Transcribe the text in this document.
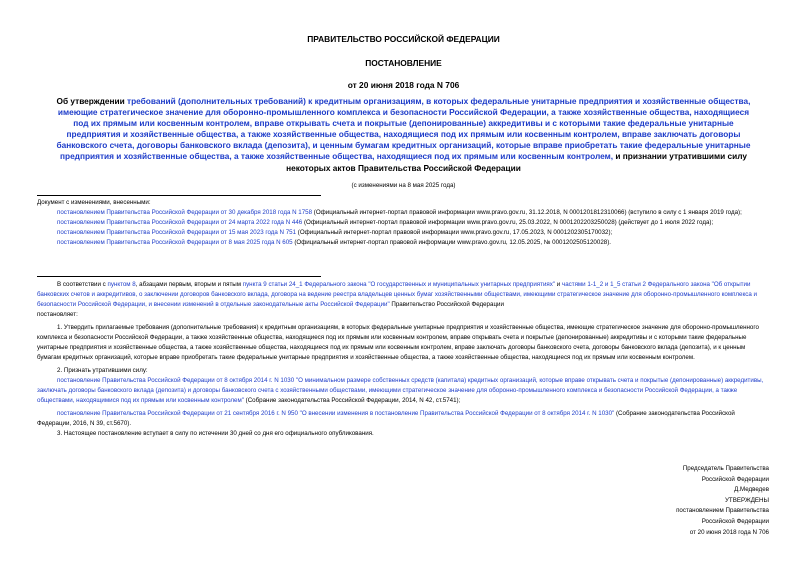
ПРАВИТЕЛЬСТВО РОССИЙСКОЙ ФЕДЕРАЦИИ
ПОСТАНОВЛЕНИЕ
от 20 июня 2018 года N 706
Об утверждении требований (дополнительных требований) к кредитным организациям, в которых федеральные унитарные предприятия и хозяйственные общества, имеющие стратегическое значение для оборонно-промышленного комплекса и безопасности Российской Федерации, а также хозяйственные общества, находящиеся под их прямым или косвенным контролем, вправе открывать счета и покрытые (депонированные) аккредитивы и с которыми такие федеральные унитарные предприятия и хозяйственные общества, а также хозяйственные общества, находящиеся под их прямым или косвенным контролем, вправе заключать договоры банковского счета, договоры банковского вклада (депозита), и ценным бумагам кредитных организаций, которые вправе приобретать такие федеральные унитарные предприятия и хозяйственные общества, а также хозяйственные общества, находящиеся под их прямым или косвенным контролем, и признании утратившими силу некоторых актов Правительства Российской Федерации
(с изменениями на 8 мая 2025 года)
Документ с изменениями, внесенными:
постановлением Правительства Российской Федерации от 30 декабря 2018 года N 1758 (Официальный интернет-портал правовой информации www.pravo.gov.ru, 31.12.2018, N 0001201812310066) (вступило в силу с 1 января 2019 года);
постановлением Правительства Российской Федерации от 24 марта 2022 года N 446 (Официальный интернет-портал правовой информации www.pravo.gov.ru, 25.03.2022, N 0001202203250028) (действует до 1 июля 2022 года);
постановлением Правительства Российской Федерации от 15 мая 2023 года N 751 (Официальный интернет-портал правовой информации www.pravo.gov.ru, 17.05.2023, N 0001202305170032);
постановлением Правительства Российской Федерации от 8 мая 2025 года N 605 (Официальный интернет-портал правовой информации www.pravo.gov.ru, 12.05.2025, № 0001202505120028).
В соответствии с пунктом 8, абзацами первым, вторым и пятым пункта 9 статьи 24_1 Федерального закона "О государственных и муниципальных унитарных предприятиях" и частями 1-1_2 и 1_5 статьи 2 Федерального закона "Об открытии банковских счетов и аккредитивов, о заключении договоров банковского вклада, договора на ведение реестра владельцев ценных бумаг хозяйственными обществами, имеющими стратегическое значение для оборонно-промышленного комплекса и безопасности Российской Федерации, и внесении изменений в отдельные законодательные акты Российской Федерации" Правительство Российской Федерации
постановляет:
1. Утвердить прилагаемые требования (дополнительные требования) к кредитным организациям, в которых федеральные унитарные предприятия и хозяйственные общества, имеющие стратегическое значение для оборонно-промышленного комплекса и безопасности Российской Федерации, а также хозяйственные общества, находящиеся под их прямым или косвенным контролем, вправе открывать счета и покрытые (депонированные) аккредитивы и с которыми такие федеральные унитарные предприятия и хозяйственные общества, а также хозяйственные общества, находящиеся под их прямым или косвенным контролем, вправе заключать договоры банковского счета, договоры банковского вклада (депозита), и к ценным бумагам кредитных организаций, которые вправе приобретать такие федеральные унитарные предприятия и хозяйственные общества, а также хозяйственные общества, находящиеся под их прямым или косвенным контролем.
2. Признать утратившими силу:
постановление Правительства Российской Федерации от 8 октября 2014 г. N 1030 "О минимальном размере собственных средств (капитала) кредитных организаций, которые вправе открывать счета и покрытые (депонированные) аккредитивы, заключать договоры банковского вклада (депозита) и договоры банковского счета с хозяйственными обществами, имеющими стратегическое значение для оборонно-промышленного комплекса и безопасности Российской Федерации, а также обществами, находящимися под их прямым или косвенным контролем" (Собрание законодательства Российской Федерации, 2014, N 42, ст.5741);
постановление Правительства Российской Федерации от 21 сентября 2016 г. N 950 "О внесении изменения в постановление Правительства Российской Федерации от 8 октября 2014 г. N 1030" (Собрание законодательства Российской Федерации, 2016, N 39, ст.5670).
3. Настоящее постановление вступает в силу по истечении 30 дней со дня его официального опубликования.
Председатель Правительства
Российской Федерации
Д.Медведев
УТВЕРЖДЕНЫ
постановлением Правительства
Российской Федерации
от 20 июня 2018 года N 706
